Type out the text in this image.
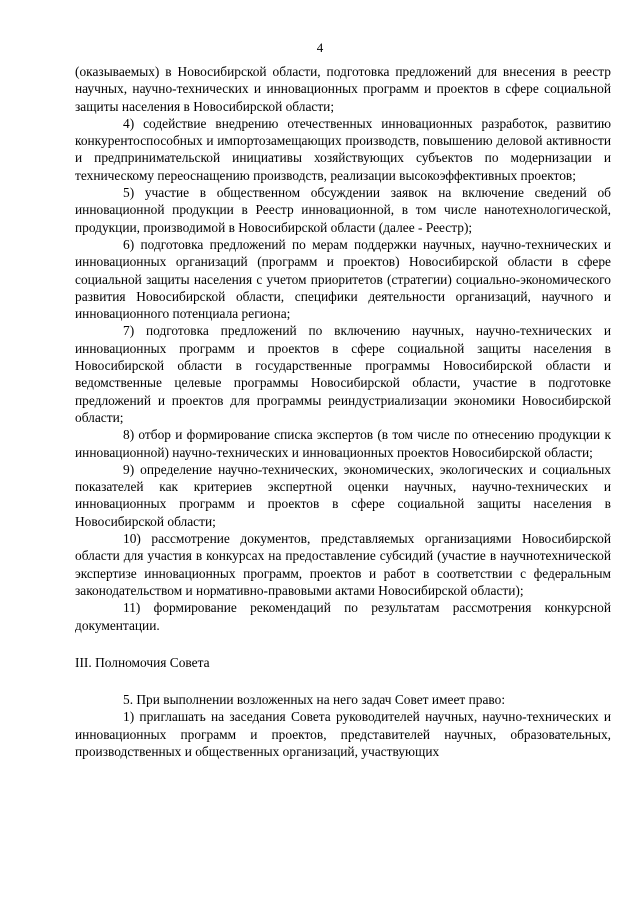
4

(оказываемых) в Новосибирской области, подготовка предложений для внесения в реестр научных, научно-технических и инновационных программ и проектов в сфере социальной защиты населения в Новосибирской области;

4) содействие внедрению отечественных инновационных разработок, развитию конкурентоспособных и импортозамещающих производств, повышению деловой активности и предпринимательской инициативы хозяйствующих субъектов по модернизации и техническому переоснащению производств, реализации высокоэффективных проектов;

5) участие в общественном обсуждении заявок на включение сведений об инновационной продукции в Реестр инновационной, в том числе нанотехнологической, продукции, производимой в Новосибирской области (далее - Реестр);

6) подготовка предложений по мерам поддержки научных, научно-технических и инновационных организаций (программ и проектов) Новосибирской области в сфере социальной защиты населения с учетом приоритетов (стратегии) социально-экономического развития Новосибирской области, специфики деятельности организаций, научного и инновационного потенциала региона;

7) подготовка предложений по включению научных, научно-технических и инновационных программ и проектов в сфере социальной защиты населения в Новосибирской области в государственные программы Новосибирской области и ведомственные целевые программы Новосибирской области, участие в подготовке предложений и проектов для программы реиндустриализации экономики Новосибирской области;

8) отбор и формирование списка экспертов (в том числе по отнесению продукции к инновационной) научно-технических и инновационных проектов Новосибирской области;

9) определение научно-технических, экономических, экологических и социальных показателей как критериев экспертной оценки научных, научно-технических и инновационных программ и проектов в сфере социальной защиты населения в Новосибирской области;

10) рассмотрение документов, представляемых организациями Новосибирской области для участия в конкурсах на предоставление субсидий (участие в научнотехнической экспертизе инновационных программ, проектов и работ в соответствии с федеральным законодательством и нормативно-правовыми актами Новосибирской области);

11) формирование рекомендаций по результатам рассмотрения конкурсной документации.

III. Полномочия Совета

5. При выполнении возложенных на него задач Совет имеет право:

1) приглашать на заседания Совета руководителей научных, научно-технических и инновационных программ и проектов, представителей научных, образовательных, производственных и общественных организаций, участвующих
